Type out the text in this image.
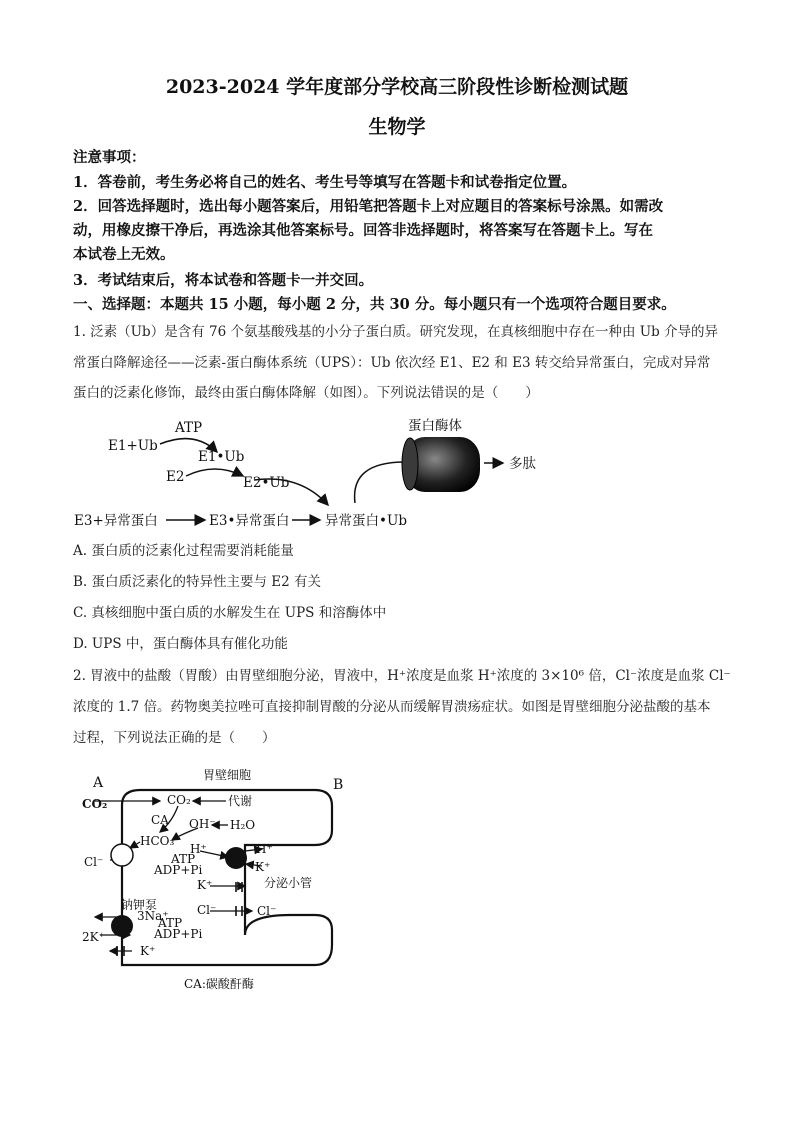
2023-2024 学年度部分学校高三阶段性诊断检测试题
生物学
注意事项：
1．答卷前，考生务必将自己的姓名、考生号等填写在答题卡和试卷指定位置。
2．回答选择题时，选出每小题答案后，用铅笔把答题卡上对应题目的答案标号涂黑。如需改
动，用橡皮擦干净后，再选涂其他答案标号。回答非选择题时，将答案写在答题卡上。写在
本试卷上无效。
3．考试结束后，将本试卷和答题卡一并交回。
一、选择题：本题共 15 小题，每小题 2 分，共 30 分。每小题只有一个选项符合题目要求。
1. 泛素（Ub）是含有 76 个氨基酸残基的小分子蛋白质。研究发现，在真核细胞中存在一种由 Ub 介导的异
常蛋白降解途径——泛素-蛋白酶体系统（UPS）：Ub 依次经 E1、E2 和 E3 转交给异常蛋白，完成对异常
蛋白的泛素化修饰，最终由蛋白酶体降解（如图）。下列说法错误的是（　　）
ATP
E1+Ub
E1•Ub
E2	E2•Ub
E3+异常蛋白	E3•异常蛋白	异常蛋白•Ub
蛋白酶体
多肽
A. 蛋白质的泛素化过程需要消耗能量
B. 蛋白质泛素化的特异性主要与 E2 有关
C. 真核细胞中蛋白质的水解发生在 UPS 和溶酶体中
D. UPS 中，蛋白酶体具有催化功能
2. 胃液中的盐酸（胃酸）由胃壁细胞分泌，胃液中，H⁺浓度是血浆 H⁺浓度的 3×10⁶ 倍，Cl⁻浓度是血浆 Cl⁻
浓度的 1.7 倍。药物奥美拉唑可直接抑制胃酸的分泌从而缓解胃溃疡症状。如图是胃壁细胞分泌盐酸的基本
过程，下列说法正确的是（　　）
A	B
胃壁细胞
CO₂	CO₂	代谢
CA OH⁻ H₂O
HCO₃⁻
H⁺	H⁺
ATP
ADP+Pi	K⁺
Cl⁻
K⁺	分泌小管
Cl⁻	Cl⁻
钠钾泵
3Na⁺
ATP
ADP+Pi
2K⁺
K⁺
CA:碳酸酐酶
